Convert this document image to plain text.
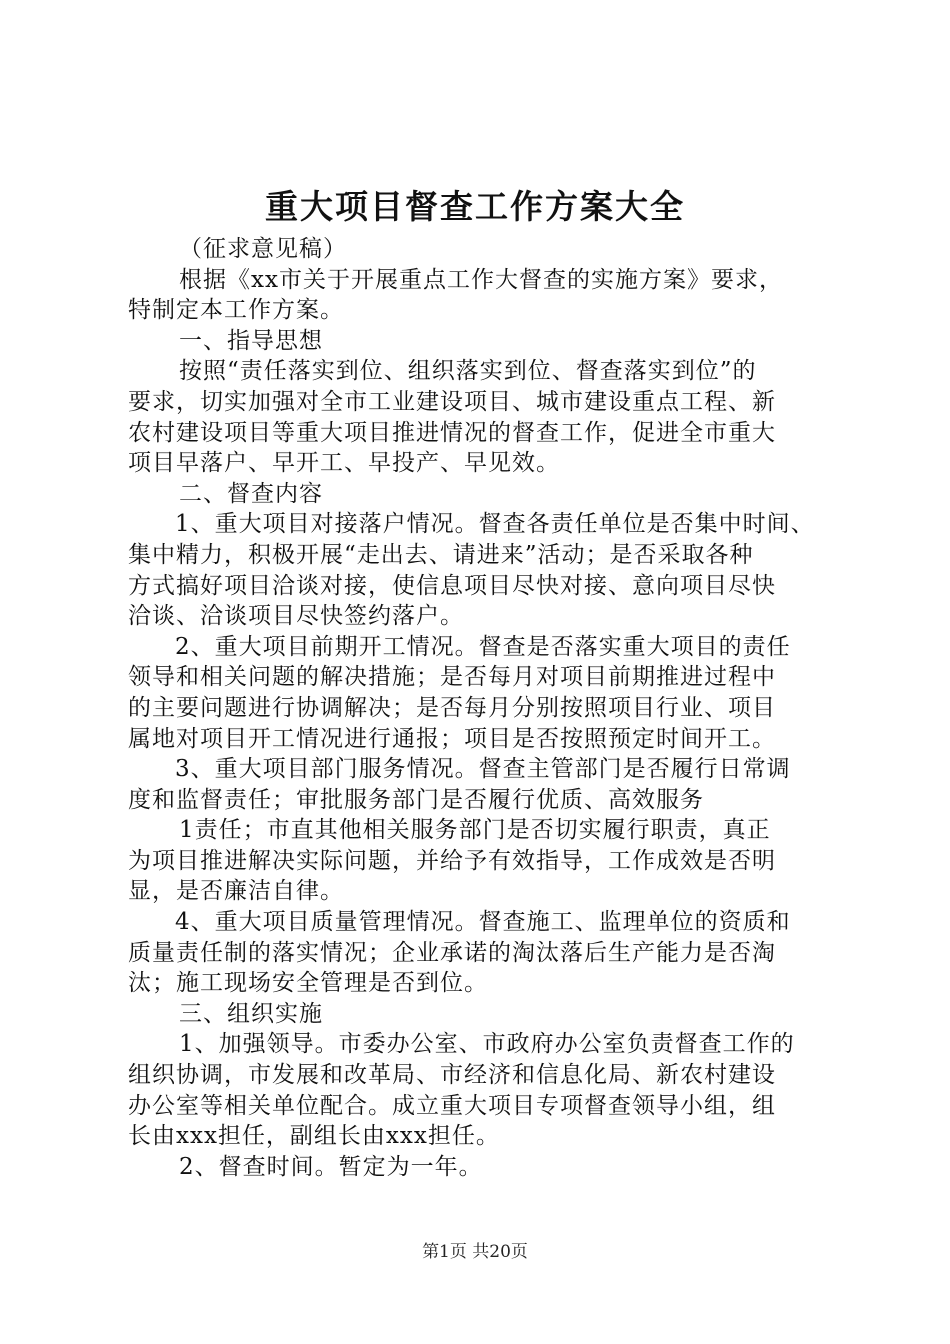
重大项目督查工作方案大全
（征求意见稿）
根据《xx市关于开展重点工作大督查的实施方案》要求，
特制定本工作方案。
一、指导思想
按照“责任落实到位、组织落实到位、督查落实到位”的
要求，切实加强对全市工业建设项目、城市建设重点工程、新
农村建设项目等重大项目推进情况的督查工作，促进全市重大
项目早落户、早开工、早投产、早见效。
二、督查内容
1、重大项目对接落户情况。督查各责任单位是否集中时间、
集中精力，积极开展“走出去、请进来”活动；是否采取各种
方式搞好项目洽谈对接，使信息项目尽快对接、意向项目尽快
洽谈、洽谈项目尽快签约落户。
2、重大项目前期开工情况。督查是否落实重大项目的责任
领导和相关问题的解决措施；是否每月对项目前期推进过程中
的主要问题进行协调解决；是否每月分别按照项目行业、项目
属地对项目开工情况进行通报；项目是否按照预定时间开工。
3、重大项目部门服务情况。督查主管部门是否履行日常调
度和监督责任；审批服务部门是否履行优质、高效服务
1责任；市直其他相关服务部门是否切实履行职责，真正
为项目推进解决实际问题，并给予有效指导，工作成效是否明
显，是否廉洁自律。
4、重大项目质量管理情况。督查施工、监理单位的资质和
质量责任制的落实情况；企业承诺的淘汰落后生产能力是否淘
汰；施工现场安全管理是否到位。
三、组织实施
1、加强领导。市委办公室、市政府办公室负责督查工作的
组织协调，市发展和改革局、市经济和信息化局、新农村建设
办公室等相关单位配合。成立重大项目专项督查领导小组，组
长由xxx担任，副组长由xxx担任。
2、督查时间。暂定为一年。
第1页 共20页
